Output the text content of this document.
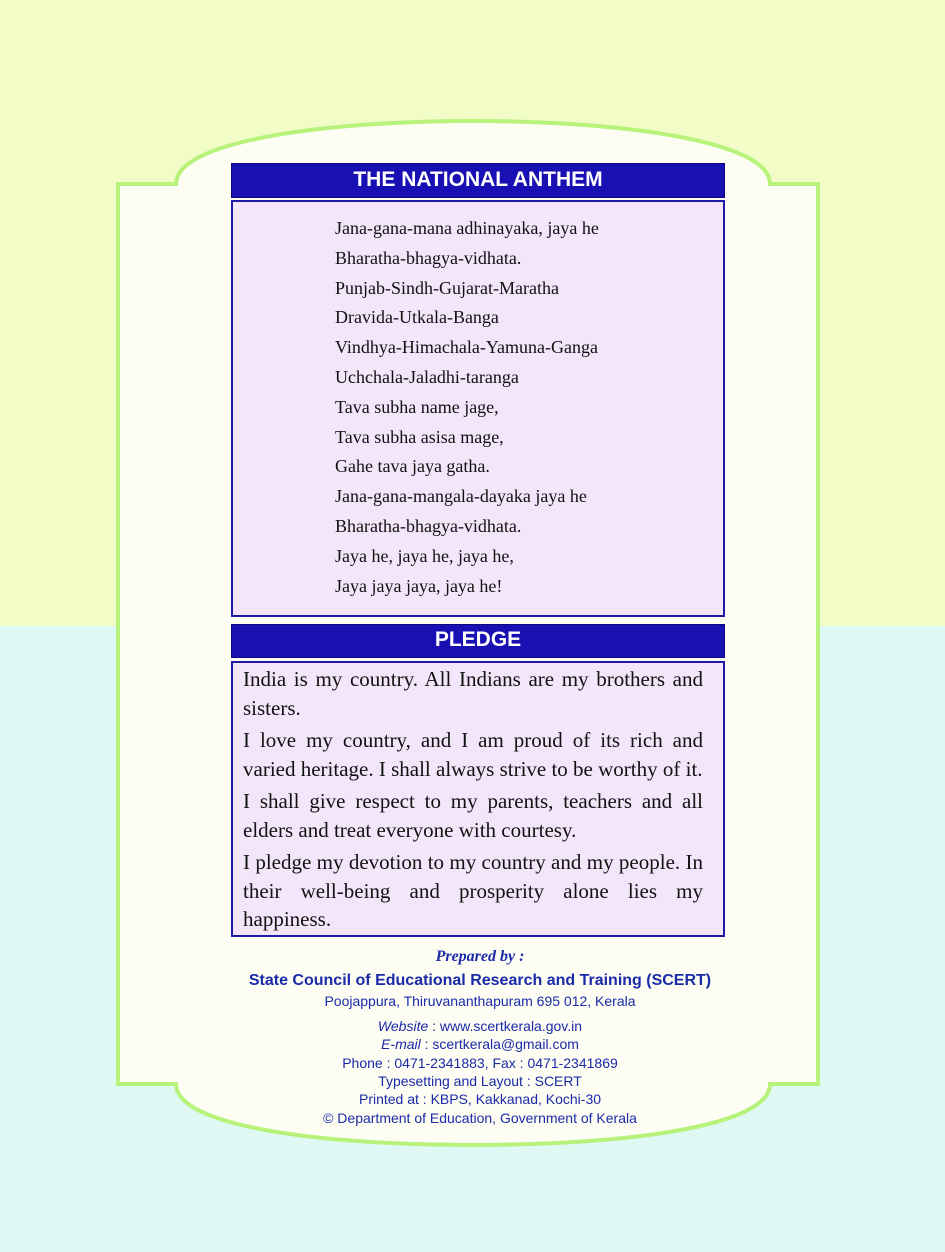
THE NATIONAL ANTHEM
Jana-gana-mana adhinayaka, jaya he
Bharatha-bhagya-vidhata.
Punjab-Sindh-Gujarat-Maratha
Dravida-Utkala-Banga
Vindhya-Himachala-Yamuna-Ganga
Uchchala-Jaladhi-taranga
Tava subha name jage,
Tava subha asisa mage,
Gahe tava jaya gatha.
Jana-gana-mangala-dayaka jaya he
Bharatha-bhagya-vidhata.
Jaya he, jaya he, jaya he,
Jaya jaya jaya, jaya he!
PLEDGE

India is my country. All Indians are my brothers and sisters.

I love my country, and I am proud of its rich and varied heritage. I shall always strive to be worthy of it.

I shall give respect to my parents, teachers and all elders and treat everyone with courtesy.

I pledge my devotion to my country and my people. In their well-being and prosperity alone lies my happiness.

Prepared by :
State Council of Educational Research and Training (SCERT)
Poojappura, Thiruvananthapuram 695 012, Kerala
Website : www.scertkerala.gov.in
E-mail : scertkerala@gmail.com
Phone : 0471-2341883, Fax : 0471-2341869
Typesetting and Layout : SCERT
Printed at : KBPS, Kakkanad, Kochi-30
© Department of Education, Government of Kerala
